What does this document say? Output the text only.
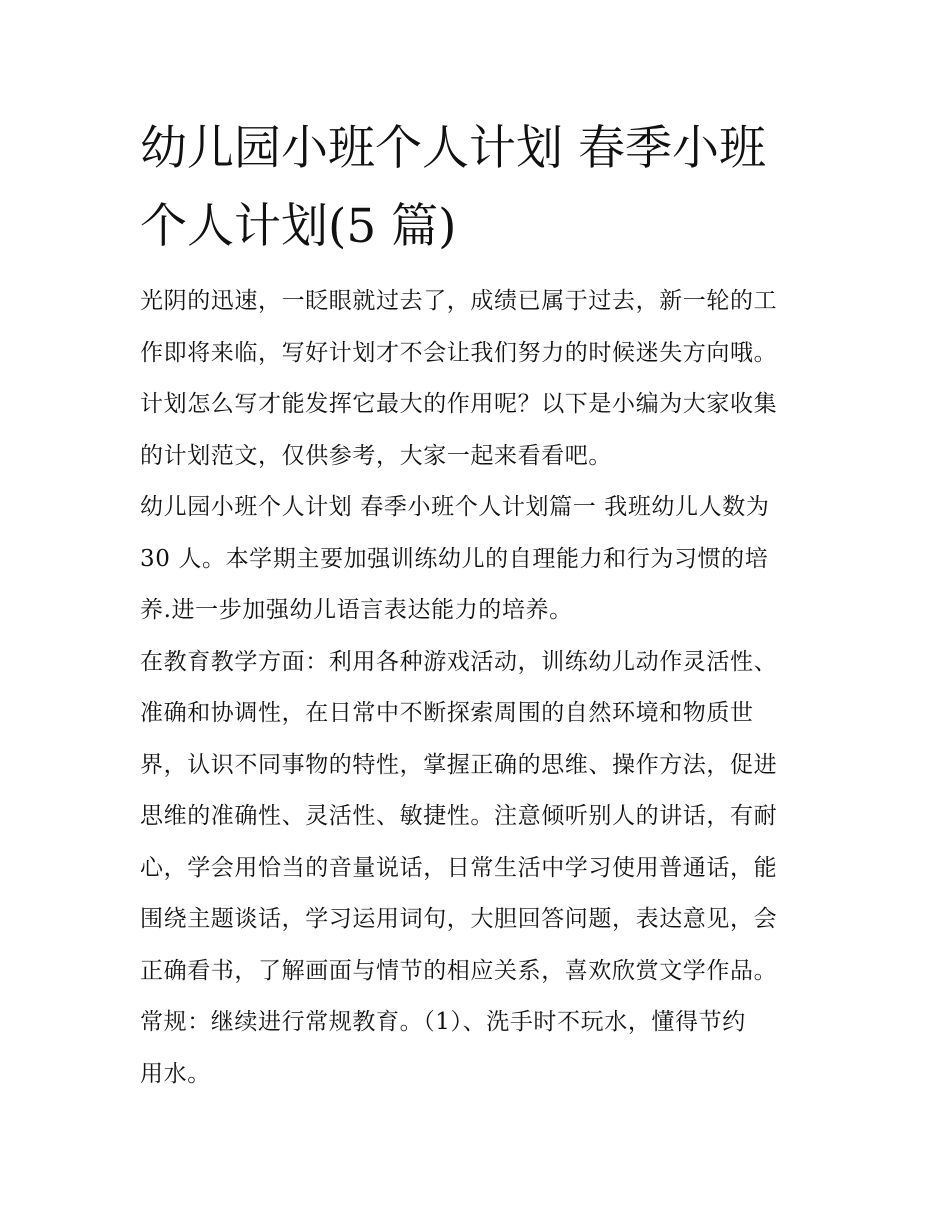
幼儿园小班个人计划 春季小班
个人计划(5 篇)

光阴的迅速，一眨眼就过去了，成绩已属于过去，新一轮的工
作即将来临，写好计划才不会让我们努力的时候迷失方向哦。
计划怎么写才能发挥它最大的作用呢？以下是小编为大家收集
的计划范文，仅供参考，大家一起来看看吧。

幼儿园小班个人计划 春季小班个人计划篇一 我班幼儿人数为
30 人。本学期主要加强训练幼儿的自理能力和行为习惯的培
养.进一步加强幼儿语言表达能力的培养。

在教育教学方面：利用各种游戏活动，训练幼儿动作灵活性、
准确和协调性，在日常中不断探索周围的自然环境和物质世
界，认识不同事物的特性，掌握正确的思维、操作方法，促进
思维的准确性、灵活性、敏捷性。注意倾听别人的讲话，有耐
心，学会用恰当的音量说话，日常生活中学习使用普通话，能
围绕主题谈话，学习运用词句，大胆回答问题，表达意见，会
正确看书，了解画面与情节的相应关系，喜欢欣赏文学作品。

常规：继续进行常规教育。（1）、洗手时不玩水，懂得节约
用水。
